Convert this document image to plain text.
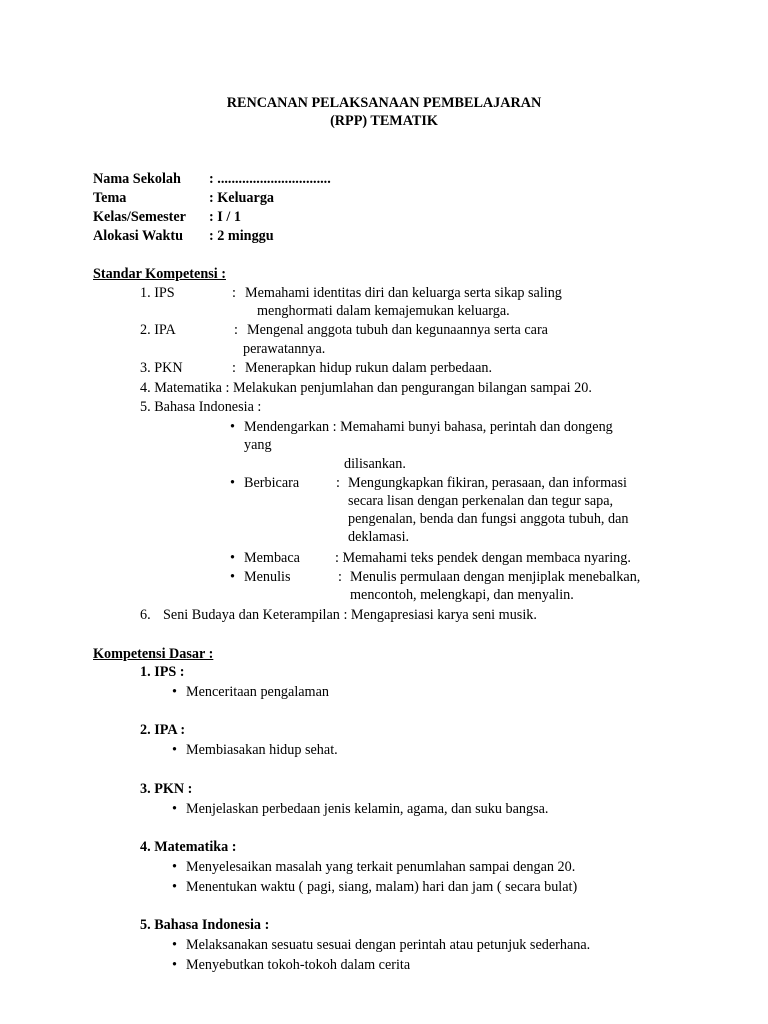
RENCANAN PELAKSANAAN PEMBELAJARAN
(RPP) TEMATIK
Nama Sekolah : ................................
Tema	: Keluarga
Kelas/Semester : I / 1
Alokasi Waktu : 2 minggu
Standar Kompetensi :
1. IPS	: Memahami identitas diri dan keluarga serta sikap saling
menghormati dalam kemajemukan keluarga.
2. IPA	: Mengenal anggota tubuh dan kegunaannya serta cara
perawatannya.
3. PKN	: Menerapkan hidup rukun dalam perbedaan.
4. Matematika : Melakukan penjumlahan dan pengurangan bilangan sampai 20.
5. Bahasa Indonesia :
• Mendengarkan : Memahami bunyi bahasa, perintah dan dongeng
yang
dilisankan.
• Berbicara	: Mengungkapkan fikiran, perasaan, dan informasi
secara lisan dengan perkenalan dan tegur sapa,
pengenalan, benda dan fungsi anggota tubuh, dan
deklamasi.
• Membaca : Memahami teks pendek dengan membaca nyaring.
• Menulis	: Menulis permulaan dengan menjiplak menebalkan,
mencontoh, melengkapi, dan menyalin.
6. Seni Budaya dan Keterampilan : Mengapresiasi karya seni musik.
Kompetensi Dasar :
1. IPS :
• Menceritaan pengalaman
2. IPA :
• Membiasakan hidup sehat.
3. PKN :
• Menjelaskan perbedaan jenis kelamin, agama, dan suku bangsa.
4. Matematika :
• Menyelesaikan masalah yang terkait penumlahan sampai dengan 20.
• Menentukan waktu ( pagi, siang, malam) hari dan jam ( secara bulat)
5. Bahasa Indonesia :
• Melaksanakan sesuatu sesuai dengan perintah atau petunjuk sederhana.
• Menyebutkan tokoh-tokoh dalam cerita
